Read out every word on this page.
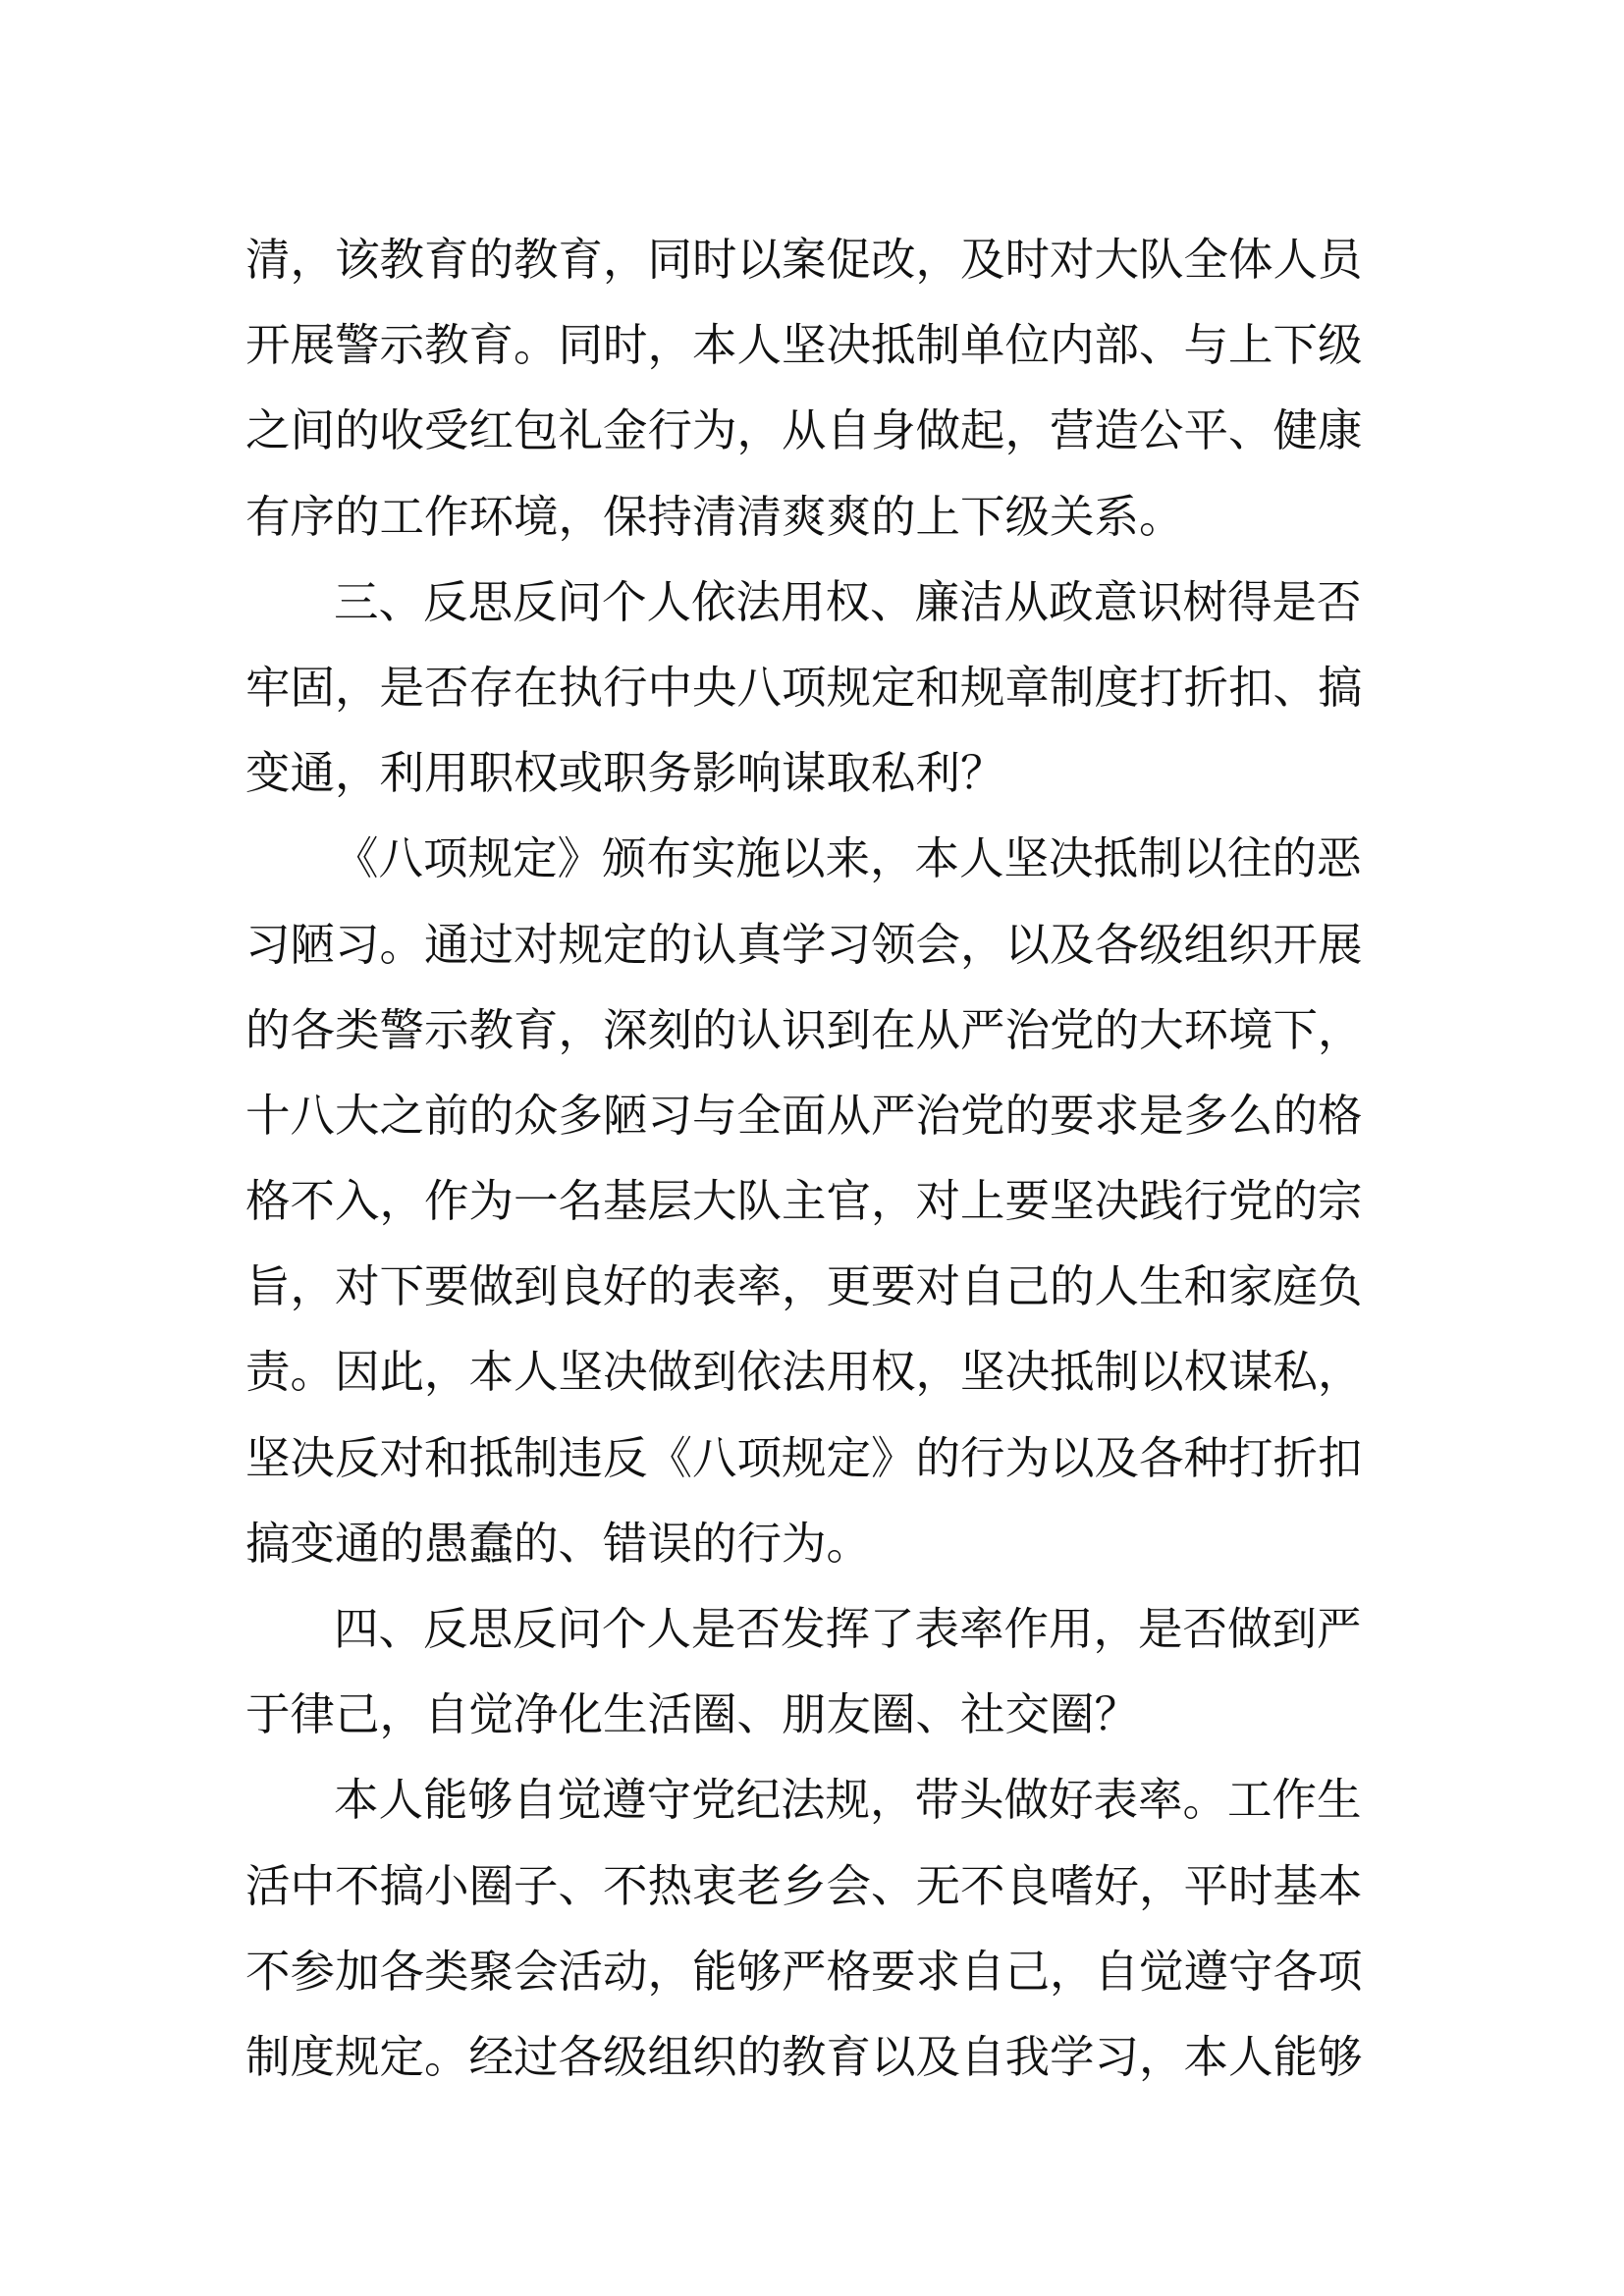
清，该教育的教育，同时以案促改，及时对大队全体人员
开展警示教育。同时，本人坚决抵制单位内部、与上下级
之间的收受红包礼金行为，从自身做起，营造公平、健康
有序的工作环境，保持清清爽爽的上下级关系。
三、反思反问个人依法用权、廉洁从政意识树得是否
牢固，是否存在执行中央八项规定和规章制度打折扣、搞
变通，利用职权或职务影响谋取私利？
《八项规定》颁布实施以来，本人坚决抵制以往的恶
习陋习。通过对规定的认真学习领会，以及各级组织开展
的各类警示教育，深刻的认识到在从严治党的大环境下，
十八大之前的众多陋习与全面从严治党的要求是多么的格
格不入，作为一名基层大队主官，对上要坚决践行党的宗
旨，对下要做到良好的表率，更要对自己的人生和家庭负
责。因此，本人坚决做到依法用权，坚决抵制以权谋私，
坚决反对和抵制违反《八项规定》的行为以及各种打折扣
搞变通的愚蠢的、错误的行为。
四、反思反问个人是否发挥了表率作用，是否做到严
于律己，自觉净化生活圈、朋友圈、社交圈？
本人能够自觉遵守党纪法规，带头做好表率。工作生
活中不搞小圈子、不热衷老乡会、无不良嗜好，平时基本
不参加各类聚会活动，能够严格要求自己，自觉遵守各项
制度规定。经过各级组织的教育以及自我学习，本人能够
